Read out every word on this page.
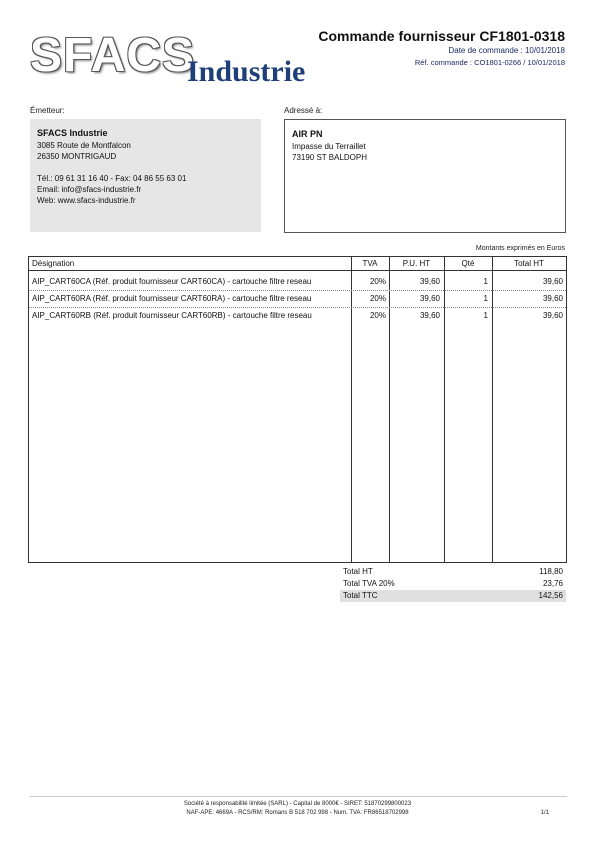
SFACS
Industrie
Commande fournisseur CF1801-0318
Date de commande : 10/01/2018
Réf. commande : CO1801-0266 / 10/01/2018
Émetteur:
SFACS Industrie
3085 Route de Montfalcon
26350 MONTRIGAUD
Tél.: 09 61 31 16 40 - Fax: 04 86 55 63 01
Email: info@sfacs-industrie.fr
Web: www.sfacs-industrie.fr
Adressé à:
AIR PN
Impasse du Terraillet
73190 ST BALDOPH
Montants exprimés en Euros
Désignation	TVA	P.U. HT	Qté	Total HT
AIP_CART60CA (Réf. produit fournisseur CART60CA) - cartouche filtre reseau	20%	39,60	1	39,60
AIP_CART60RA (Réf. produit fournisseur CART60RA) - cartouche filtre reseau	20%	39,60	1	39,60
AIP_CART60RB (Réf. produit fournisseur CART60RB) - cartouche filtre reseau	20%	39,60	1	39,60
Total HT	118,80
Total TVA 20%	23,76
Total TTC	142,56
Société à responsabilité limitée (SARL) - Capital de 8000€ - SIRET: 51870299800023
NAF-APE: 4669A - RCS/RM: Romans B 518 702 998 - Num. TVA: FR86518702998	1/1
